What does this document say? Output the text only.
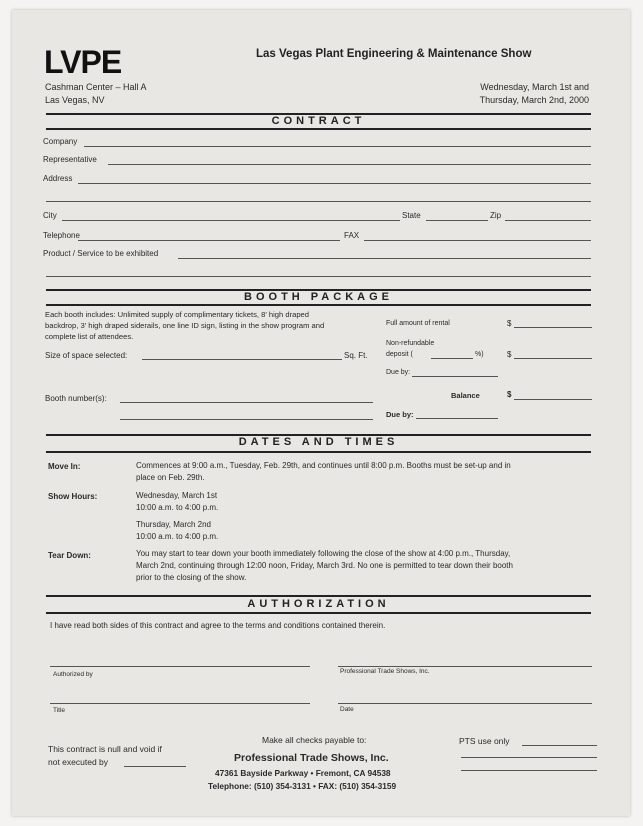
LVPE	Las Vegas Plant Engineering & Maintenance Show
Cashman Center – Hall A
Las Vegas, NV
Wednesday, March 1st and
Thursday, March 2nd, 2000
CONTRACT
Company
Representative
Address
City	State	Zip
Telephone	FAX
Product / Service to be exhibited
BOOTH PACKAGE
Each booth includes: Unlimited supply of complimentary tickets, 8' high draped backdrop, 3' high draped siderails, one line ID sign, listing in the show program and complete list of attendees.
Size of space selected:	Sq. Ft.
Booth number(s):
Full amount of rental	$
Non-refundable
deposit (	%)	$
Due by:
Balance	$
Due by:
DATES AND TIMES
Move In:	Commences at 9:00 a.m., Tuesday, Feb. 29th, and continues until 8:00 p.m. Booths must be set-up and in place on Feb. 29th.
Show Hours:	Wednesday, March 1st
10:00 a.m. to 4:00 p.m.
Thursday, March 2nd
10:00 a.m. to 4:00 p.m.
Tear Down:	You may start to tear down your booth immediately following the close of the show at 4:00 p.m., Thursday, March 2nd, continuing through 12:00 noon, Friday, March 3rd. No one is permitted to tear down their booth prior to the closing of the show.
AUTHORIZATION
I have read both sides of this contract and agree to the terms and conditions contained therein.
Authorized by	Professional Trade Shows, Inc.
Title	Date
This contract is null and void if
not executed by
Make all checks payable to:
Professional Trade Shows, Inc.
47361 Bayside Parkway • Fremont, CA 94538
Telephone: (510) 354-3131 • FAX: (510) 354-3159
PTS use only
